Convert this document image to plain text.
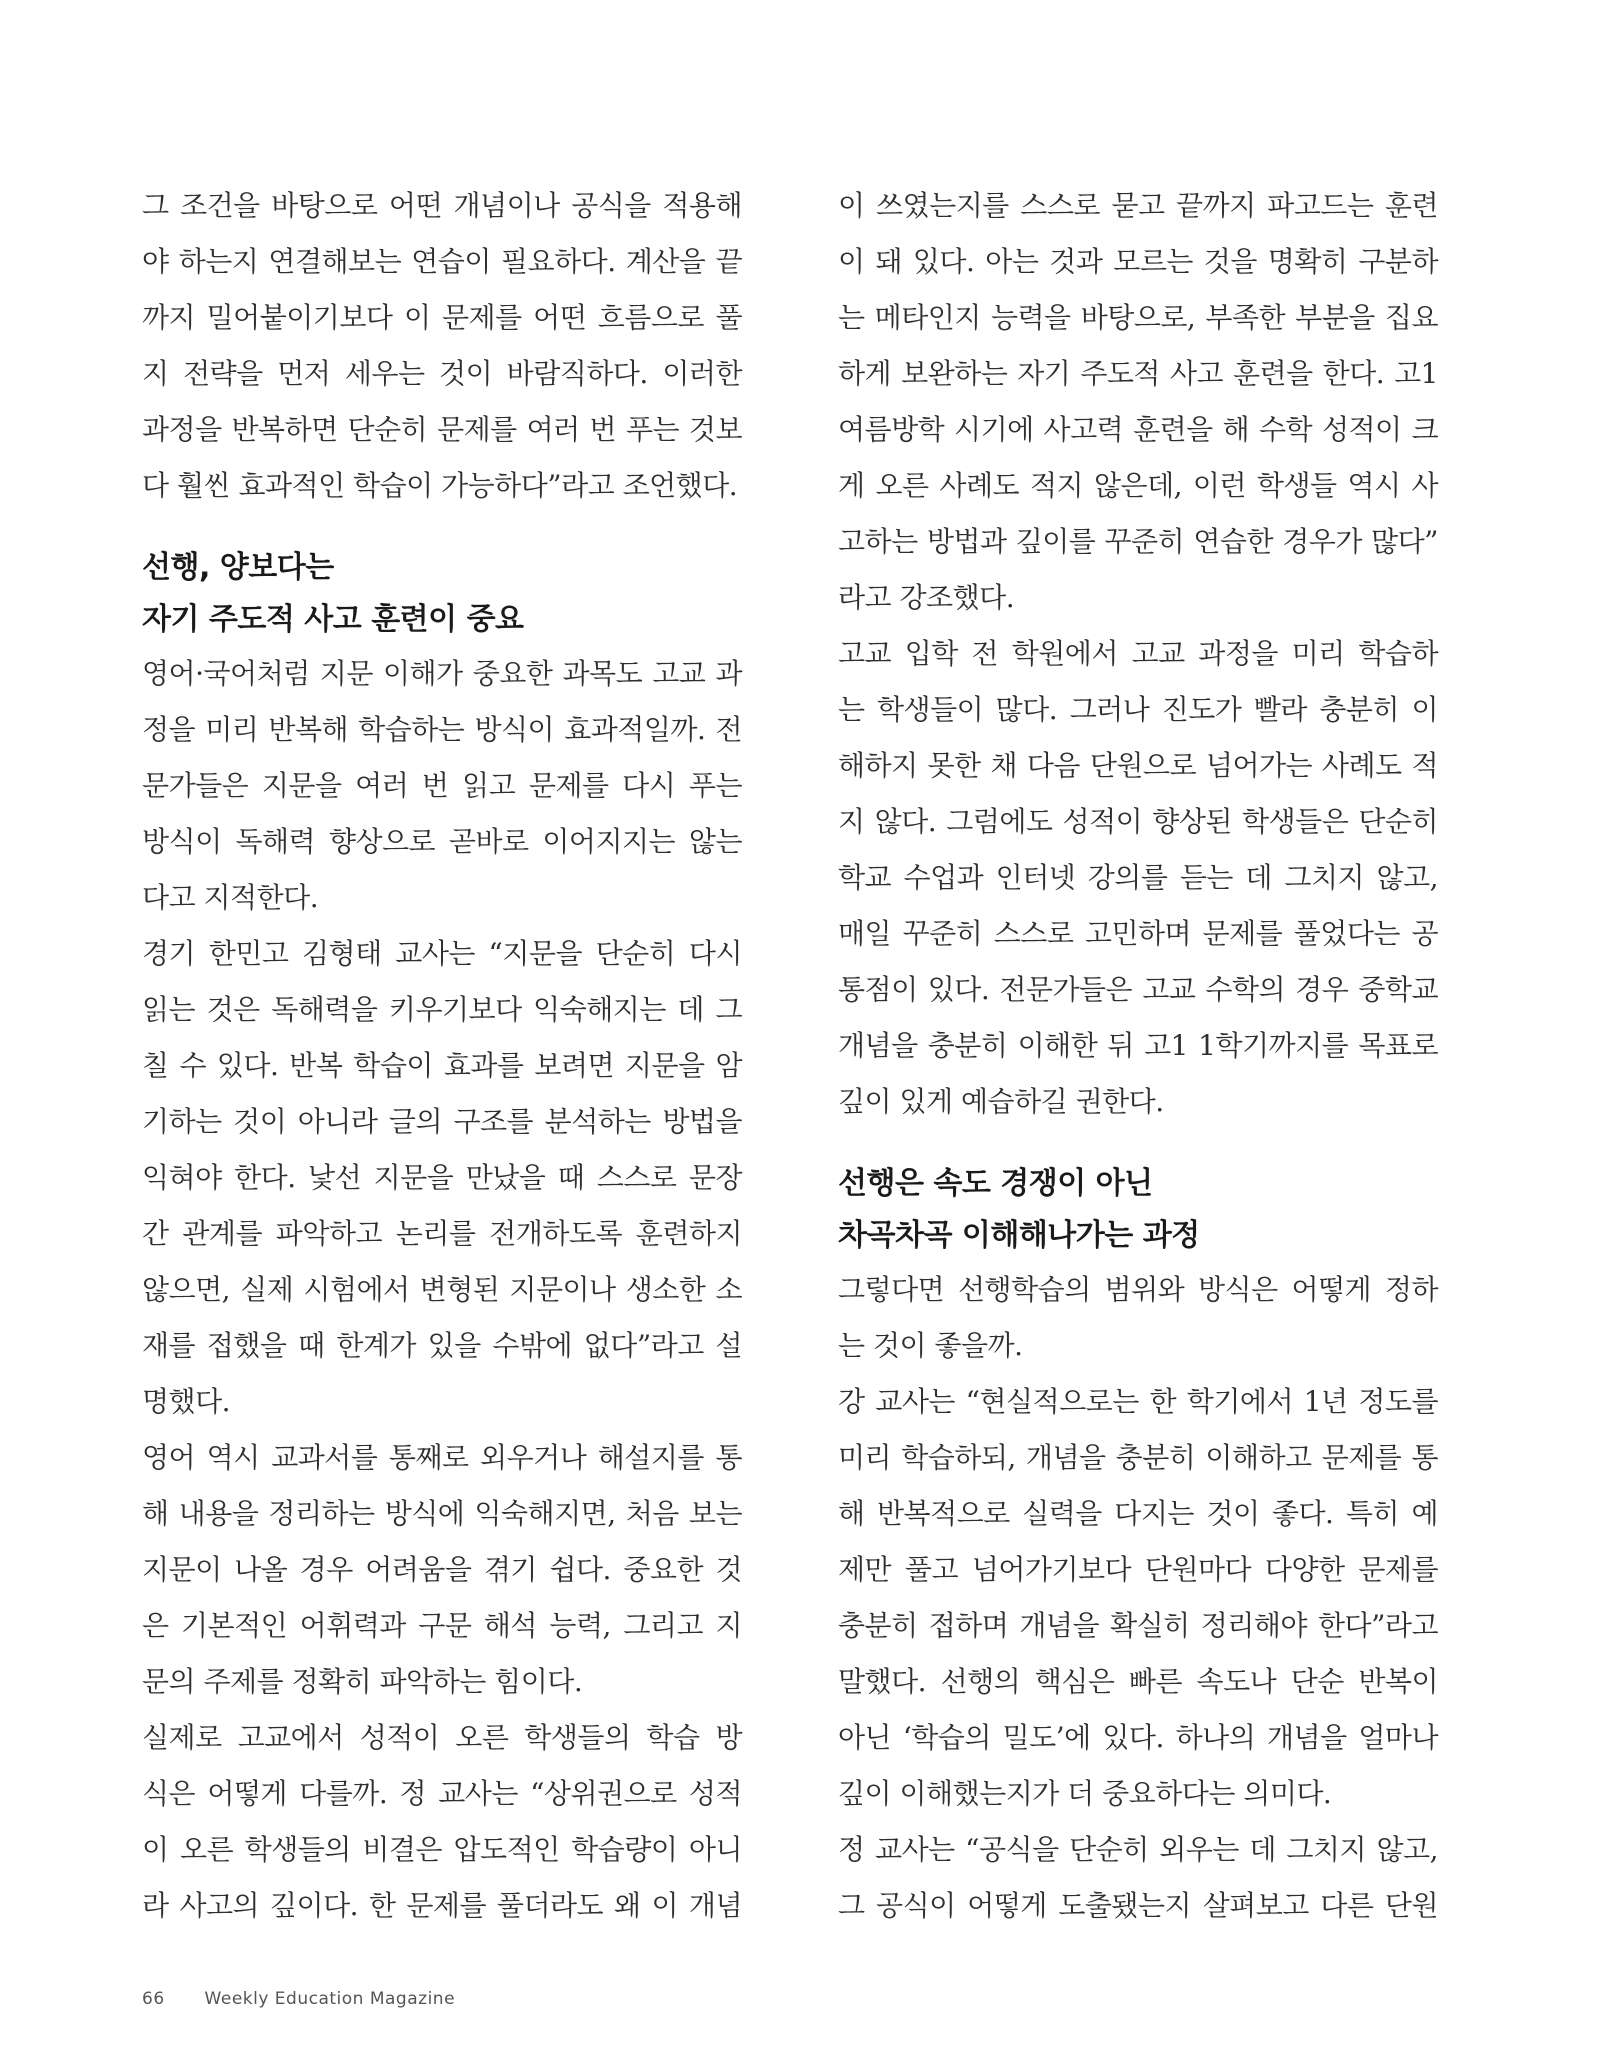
그 조건을 바탕으로 어떤 개념이나 공식을 적용해
야 하는지 연결해보는 연습이 필요하다. 계산을 끝
까지 밀어붙이기보다 이 문제를 어떤 흐름으로 풀
지 전략을 먼저 세우는 것이 바람직하다. 이러한
과정을 반복하면 단순히 문제를 여러 번 푸는 것보
다 훨씬 효과적인 학습이 가능하다”라고 조언했다.

선행, 양보다는

자기 주도적 사고 훈련이 중요

영어·국어처럼 지문 이해가 중요한 과목도 고교 과
정을 미리 반복해 학습하는 방식이 효과적일까. 전
문가들은 지문을 여러 번 읽고 문제를 다시 푸는
방식이 독해력 향상으로 곧바로 이어지지는 않는
다고 지적한다.

경기 한민고 김형태 교사는 “지문을 단순히 다시
읽는 것은 독해력을 키우기보다 익숙해지는 데 그
칠 수 있다. 반복 학습이 효과를 보려면 지문을 암
기하는 것이 아니라 글의 구조를 분석하는 방법을
익혀야 한다. 낯선 지문을 만났을 때 스스로 문장
간 관계를 파악하고 논리를 전개하도록 훈련하지
않으면, 실제 시험에서 변형된 지문이나 생소한 소
재를 접했을 때 한계가 있을 수밖에 없다”라고 설
명했다.

영어 역시 교과서를 통째로 외우거나 해설지를 통
해 내용을 정리하는 방식에 익숙해지면, 처음 보는
지문이 나올 경우 어려움을 겪기 쉽다. 중요한 것
은 기본적인 어휘력과 구문 해석 능력, 그리고 지
문의 주제를 정확히 파악하는 힘이다.

실제로 고교에서 성적이 오른 학생들의 학습 방
식은 어떻게 다를까. 정 교사는 “상위권으로 성적
이 오른 학생들의 비결은 압도적인 학습량이 아니
라 사고의 깊이다. 한 문제를 풀더라도 왜 이 개념

이 쓰였는지를 스스로 묻고 끝까지 파고드는 훈련
이 돼 있다. 아는 것과 모르는 것을 명확히 구분하
는 메타인지 능력을 바탕으로, 부족한 부분을 집요
하게 보완하는 자기 주도적 사고 훈련을 한다. 고1
여름방학 시기에 사고력 훈련을 해 수학 성적이 크
게 오른 사례도 적지 않은데, 이런 학생들 역시 사
고하는 방법과 깊이를 꾸준히 연습한 경우가 많다”
라고 강조했다.

고교 입학 전 학원에서 고교 과정을 미리 학습하
는 학생들이 많다. 그러나 진도가 빨라 충분히 이
해하지 못한 채 다음 단원으로 넘어가는 사례도 적
지 않다. 그럼에도 성적이 향상된 학생들은 단순히
학교 수업과 인터넷 강의를 듣는 데 그치지 않고,
매일 꾸준히 스스로 고민하며 문제를 풀었다는 공
통점이 있다. 전문가들은 고교 수학의 경우 중학교
개념을 충분히 이해한 뒤 고1 1학기까지를 목표로
깊이 있게 예습하길 권한다.

선행은 속도 경쟁이 아닌

차곡차곡 이해해나가는 과정

그렇다면 선행학습의 범위와 방식은 어떻게 정하
는 것이 좋을까.

강 교사는 “현실적으로는 한 학기에서 1년 정도를
미리 학습하되, 개념을 충분히 이해하고 문제를 통
해 반복적으로 실력을 다지는 것이 좋다. 특히 예
제만 풀고 넘어가기보다 단원마다 다양한 문제를
충분히 접하며 개념을 확실히 정리해야 한다”라고
말했다. 선행의 핵심은 빠른 속도나 단순 반복이
아닌 ‘학습의 밀도’에 있다. 하나의 개념을 얼마나
깊이 이해했는지가 더 중요하다는 의미다.

정 교사는 “공식을 단순히 외우는 데 그치지 않고,
그 공식이 어떻게 도출됐는지 살펴보고 다른 단원

66 Weekly Education Magazine
